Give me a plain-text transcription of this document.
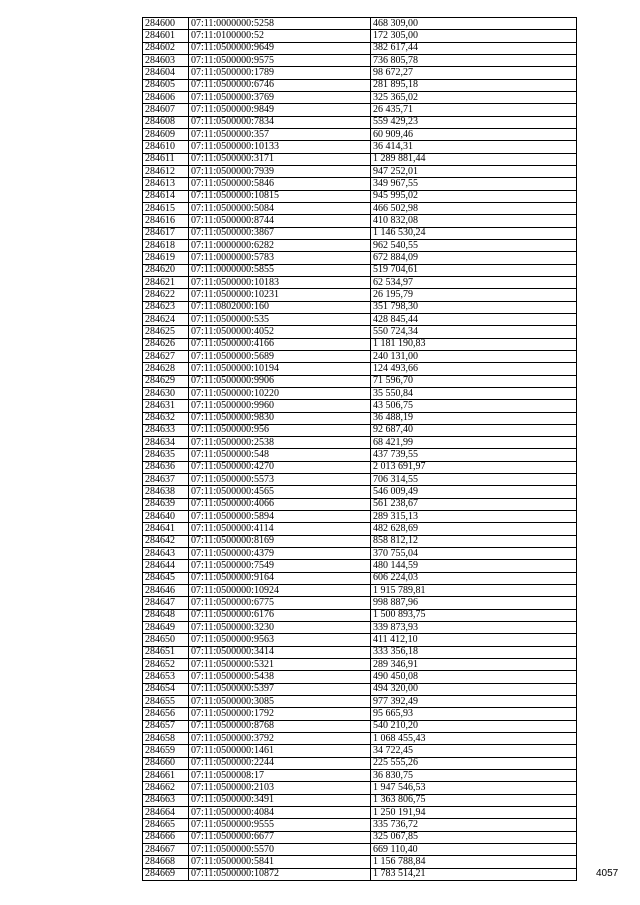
284600	07:11:0000000:5258	468 309,00
284601	07:11:0100000:52	172 305,00
284602	07:11:0500000:9649	382 617,44
284603	07:11:0500000:9575	736 805,78
284604	07:11:0500000:1789	98 672,27
284605	07:11:0500000:6746	281 895,18
284606	07:11:0500000:3769	325 365,02
284607	07:11:0500000:9849	26 435,71
284608	07:11:0500000:7834	559 429,23
284609	07:11:0500000:357	60 909,46
284610	07:11:0500000:10133	36 414,31
284611	07:11:0500000:3171	1 289 881,44
284612	07:11:0500000:7939	947 252,01
284613	07:11:0500000:5846	349 967,55
284614	07:11:0500000:10815	945 995,02
284615	07:11:0500000:5084	466 502,98
284616	07:11:0500000:8744	410 832,08
284617	07:11:0500000:3867	1 146 530,24
284618	07:11:0000000:6282	962 540,55
284619	07:11:0000000:5783	672 884,09
284620	07:11:0000000:5855	519 704,61
284621	07:11:0500000:10183	62 534,97
284622	07:11:0500000:10231	26 195,79
284623	07:11:0802000:160	351 798,30
284624	07:11:0500000:535	428 845,44
284625	07:11:0500000:4052	550 724,34
284626	07:11:0500000:4166	1 181 190,83
284627	07:11:0500000:5689	240 131,00
284628	07:11:0500000:10194	124 493,66
284629	07:11:0500000:9906	71 596,70
284630	07:11:0500000:10220	35 550,84
284631	07:11:0500000:9960	43 506,75
284632	07:11:0500000:9830	36 488,19
284633	07:11:0500000:956	92 687,40
284634	07:11:0500000:2538	68 421,99
284635	07:11:0500000:548	437 739,55
284636	07:11:0500000:4270	2 013 691,97
284637	07:11:0500000:5573	706 314,55
284638	07:11:0500000:4565	546 009,49
284639	07:11:0500000:4066	561 238,67
284640	07:11:0500000:5894	289 315,13
284641	07:11:0500000:4114	482 628,69
284642	07:11:0500000:8169	858 812,12
284643	07:11:0500000:4379	370 755,04
284644	07:11:0500000:7549	480 144,59
284645	07:11:0500000:9164	606 224,03
284646	07:11:0500000:10924	1 915 789,81
284647	07:11:0500000:6775	998 887,96
284648	07:11:0500000:6176	1 500 893,75
284649	07:11:0500000:3230	339 873,93
284650	07:11:0500000:9563	411 412,10
284651	07:11:0500000:3414	333 356,18
284652	07:11:0500000:5321	289 346,91
284653	07:11:0500000:5438	490 450,08
284654	07:11:0500000:5397	494 320,00
284655	07:11:0500000:3085	977 392,49
284656	07:11:0500000:1792	95 665,93
284657	07:11:0500000:8768	540 210,20
284658	07:11:0500000:3792	1 068 455,43
284659	07:11:0500000:1461	34 722,45
284660	07:11:0500000:2244	225 555,26
284661	07:11:0500008:17	36 830,75
284662	07:11:0500000:2103	1 947 546,53
284663	07:11:0500000:3491	1 363 806,75
284664	07:11:0500000:4084	1 250 191,94
284665	07:11:0500000:9555	335 736,72
284666	07:11:0500000:6677	325 067,85
284667	07:11:0500000:5570	669 110,40
284668	07:11:0500000:5841	1 156 788,84
284669	07:11:0500000:10872	1 783 514,21	4057
